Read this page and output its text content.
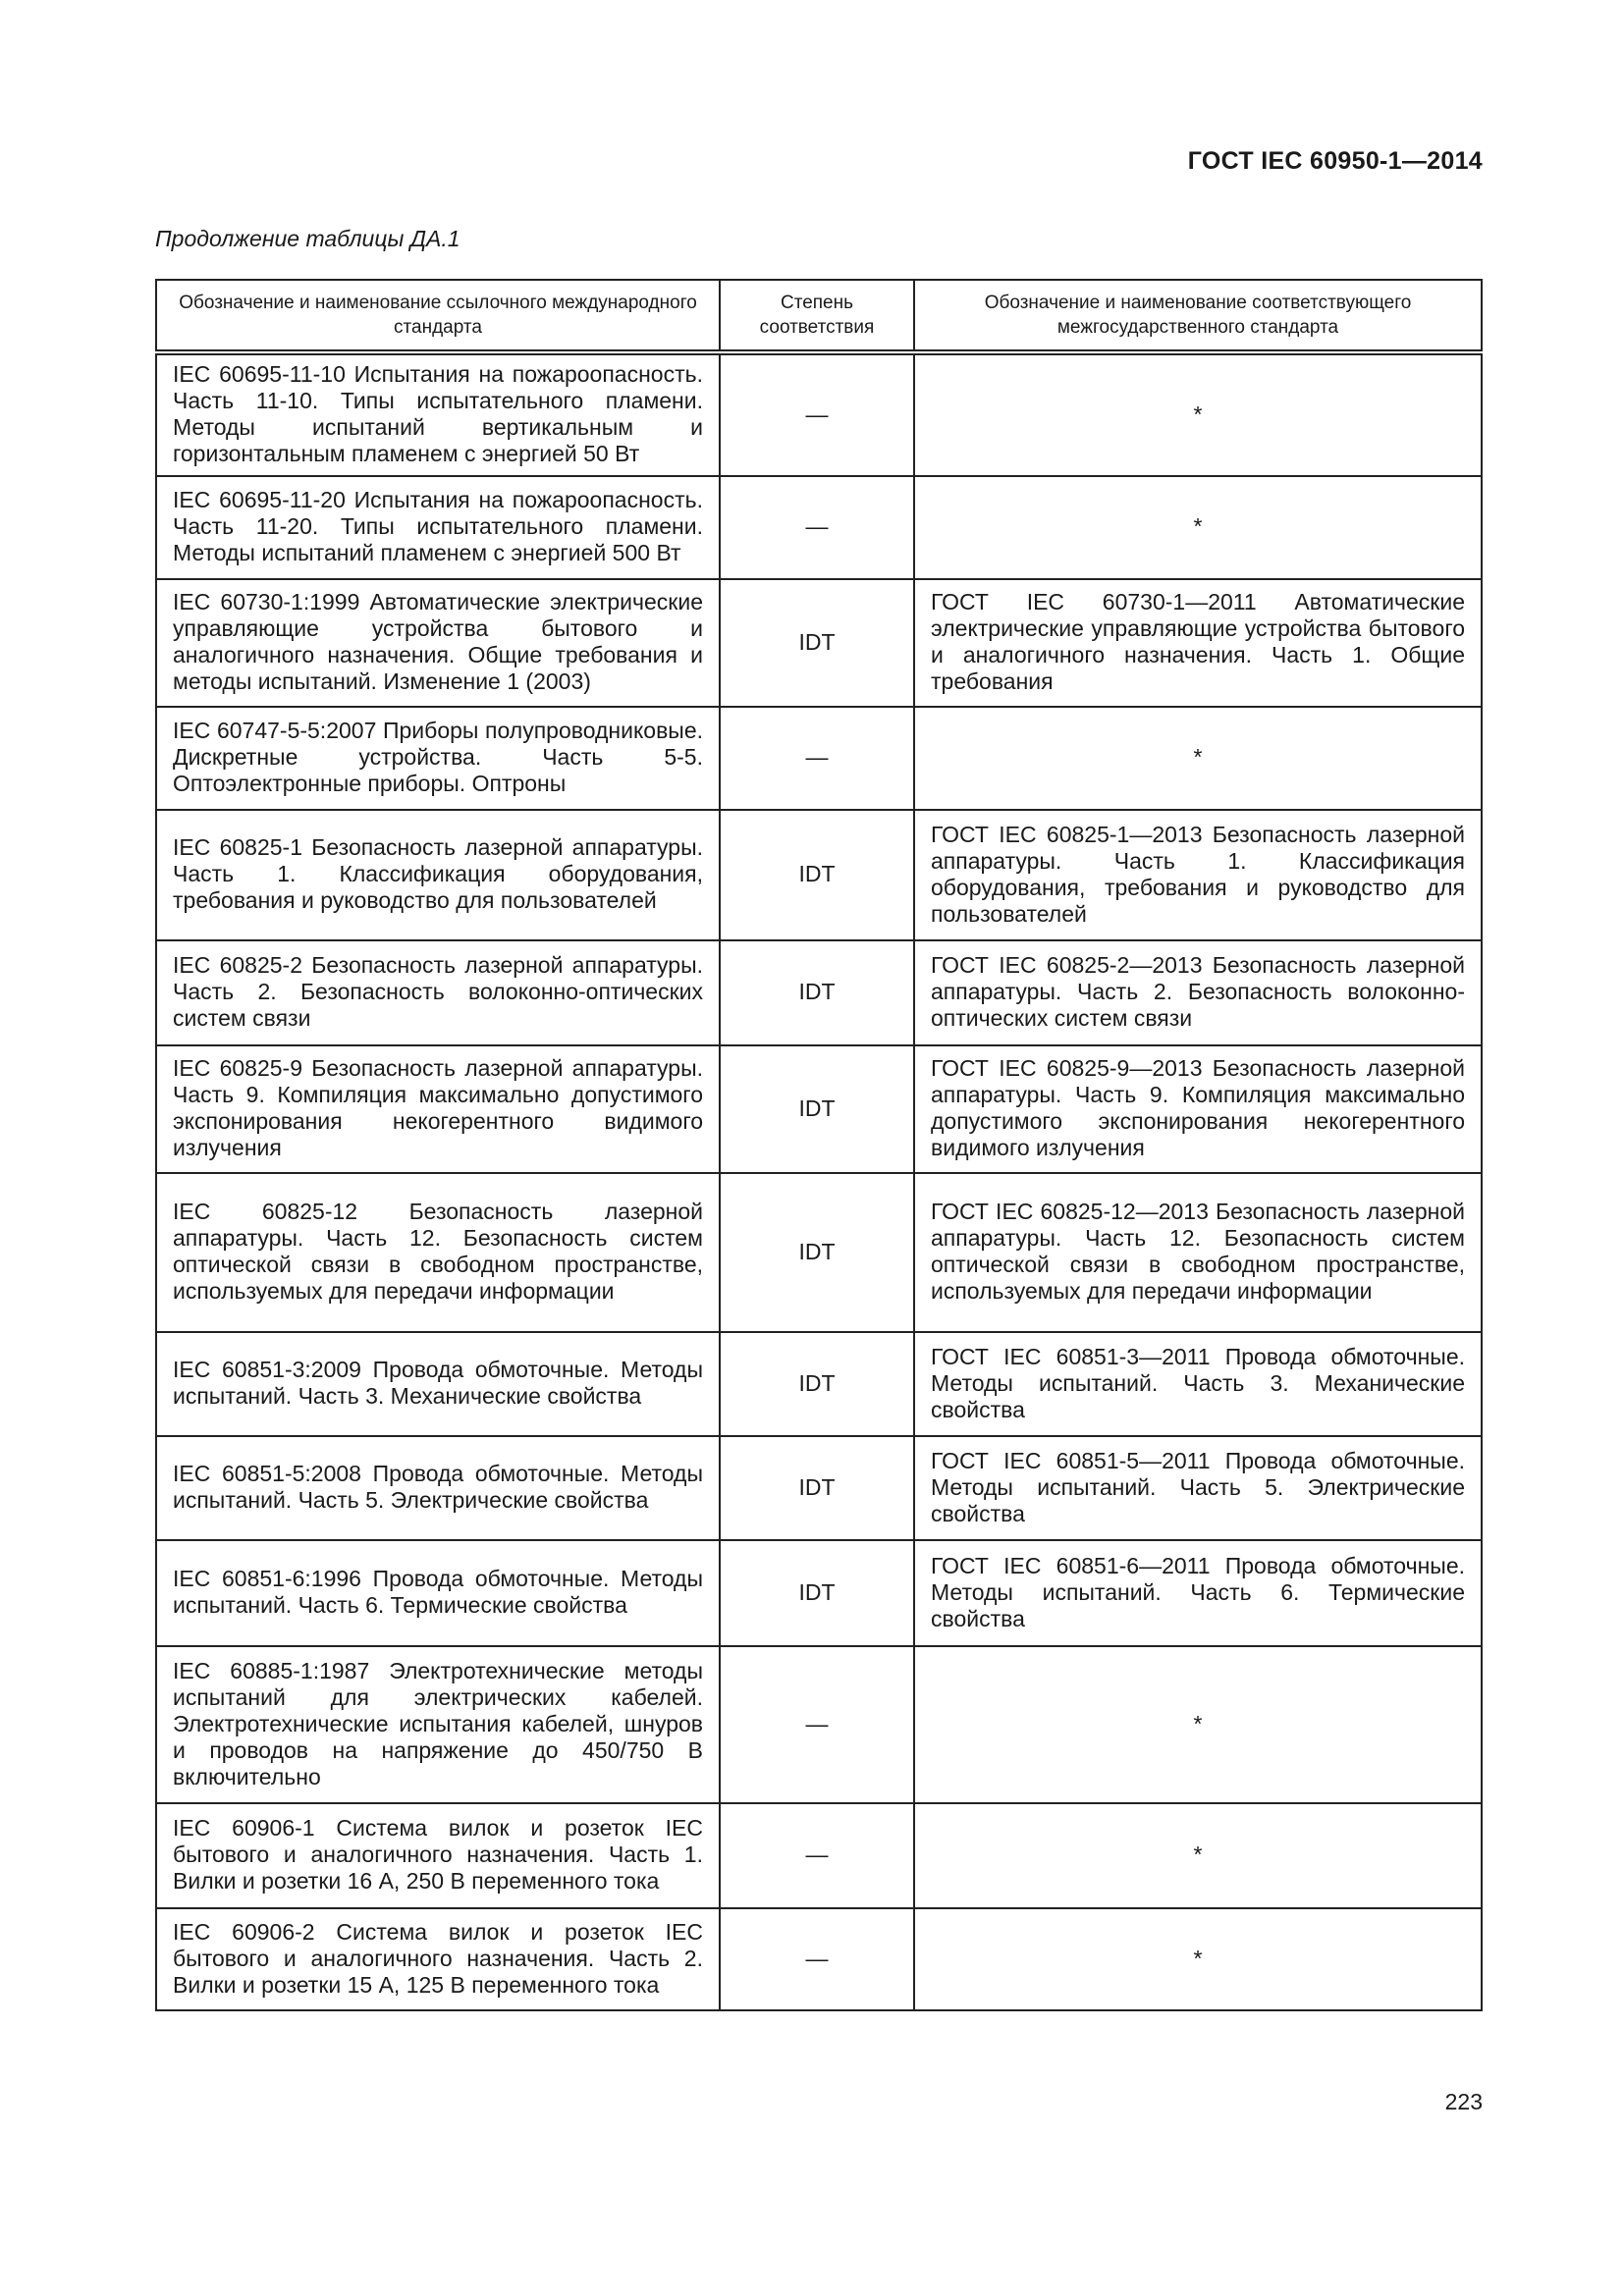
ГОСТ IEC 60950-1—2014
Продолжение таблицы ДА.1
Обозначение и наименование ссылочного международного стандарта	Степень соответствия	Обозначение и наименование соответствующего межгосударственного стандарта
IEC 60695-11-10 Испытания на пожароопасность. Часть 11-10. Типы испытательного пламени. Методы испытаний вертикальным и горизонтальным пламенем с энергией 50 Вт	—	*
IEC 60695-11-20 Испытания на пожароопасность. Часть 11-20. Типы испытательного пламени. Методы испытаний пламенем с энергией 500 Вт	—	*
IEC 60730-1:1999 Автоматические электрические управляющие устройства бытового и аналогичного назначения. Общие требования и методы испытаний. Изменение 1 (2003)	IDT	ГОСТ IEC 60730-1—2011 Автоматические электрические управляющие устройства бытового и аналогичного назначения. Часть 1. Общие требования
IEC 60747-5-5:2007 Приборы полупроводниковые. Дискретные устройства. Часть 5-5. Оптоэлектронные приборы. Оптроны	—	*
IEC 60825-1 Безопасность лазерной аппаратуры. Часть 1. Классификация оборудования, требования и руководство для пользователей	IDT	ГОСТ IEC 60825-1—2013 Безопасность лазерной аппаратуры. Часть 1. Классификация оборудования, требования и руководство для пользователей
IEC 60825-2 Безопасность лазерной аппаратуры. Часть 2. Безопасность волоконно-оптических систем связи	IDT	ГОСТ IEC 60825-2—2013 Безопасность лазерной аппаратуры. Часть 2. Безопасность волоконно-оптических систем связи
IEC 60825-9 Безопасность лазерной аппаратуры. Часть 9. Компиляция максимально допустимого экспонирования некогерентного видимого излучения	IDT	ГОСТ IEC 60825-9—2013 Безопасность лазерной аппаратуры. Часть 9. Компиляция максимально допустимого экспонирования некогерентного видимого излучения
IEC 60825-12 Безопасность лазерной аппаратуры. Часть 12. Безопасность систем оптической связи в свободном пространстве, используемых для передачи информации	IDT	ГОСТ IEC 60825-12—2013 Безопасность лазерной аппаратуры. Часть 12. Безопасность систем оптической связи в свободном пространстве, используемых для передачи информации
IEC 60851-3:2009 Провода обмоточные. Методы испытаний. Часть 3. Механические свойства	IDT	ГОСТ IEC 60851-3—2011 Провода обмоточные. Методы испытаний. Часть 3. Механические свойства
IEC 60851-5:2008 Провода обмоточные. Методы испытаний. Часть 5. Электрические свойства	IDT	ГОСТ IEC 60851-5—2011 Провода обмоточные. Методы испытаний. Часть 5. Электрические свойства
IEC 60851-6:1996 Провода обмоточные. Методы испытаний. Часть 6. Термические свойства	IDT	ГОСТ IEC 60851-6—2011 Провода обмоточные. Методы испытаний. Часть 6. Термические свойства
IEC 60885-1:1987 Электротехнические методы испытаний для электрических кабелей. Электротехнические испытания кабелей, шнуров и проводов на напряжение до 450/750 В включительно	—	*
IEC 60906-1 Система вилок и розеток IEC бытового и аналогичного назначения. Часть 1. Вилки и розетки 16 А, 250 В переменного тока	—	*
IEC 60906-2 Система вилок и розеток IEC бытового и аналогичного назначения. Часть 2. Вилки и розетки 15 А, 125 В переменного тока	—	*
223
